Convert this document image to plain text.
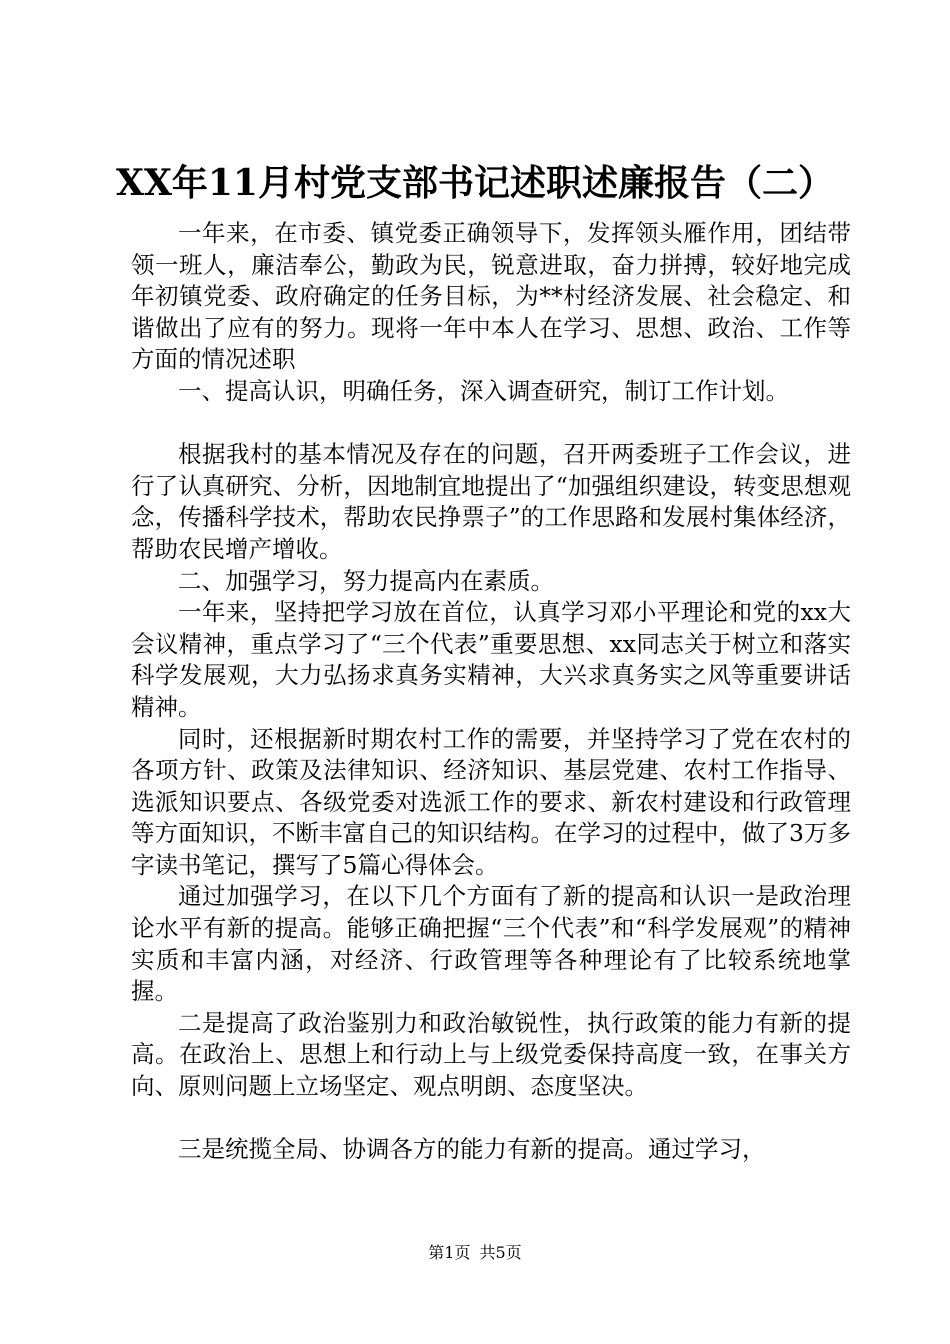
XX年11月村党支部书记述职述廉报告（二）

一年来，在市委、镇党委正确领导下，发挥领头雁作用，团结带领一班人，廉洁奉公，勤政为民，锐意进取，奋力拼搏，较好地完成年初镇党委、政府确定的任务目标，为**村经济发展、社会稳定、和谐做出了应有的努力。现将一年中本人在学习、思想、政治、工作等方面的情况述职

一、提高认识，明确任务，深入调查研究，制订工作计划。

根据我村的基本情况及存在的问题，召开两委班子工作会议，进行了认真研究、分析，因地制宜地提出了“加强组织建设，转变思想观念，传播科学技术，帮助农民挣票子”的工作思路和发展村集体经济，帮助农民增产增收。

二、加强学习，努力提高内在素质。

一年来，坚持把学习放在首位，认真学习邓小平理论和党的xx大会议精神，重点学习了“三个代表”重要思想、xx同志关于树立和落实科学发展观，大力弘扬求真务实精神，大兴求真务实之风等重要讲话精神。

同时，还根据新时期农村工作的需要，并坚持学习了党在农村的各项方针、政策及法律知识、经济知识、基层党建、农村工作指导、选派知识要点、各级党委对选派工作的要求、新农村建设和行政管理等方面知识，不断丰富自己的知识结构。在学习的过程中，做了3万多字读书笔记，撰写了5篇心得体会。

通过加强学习，在以下几个方面有了新的提高和认识一是政治理论水平有新的提高。能够正确把握“三个代表”和“科学发展观”的精神实质和丰富内涵，对经济、行政管理等各种理论有了比较系统地掌握。

二是提高了政治鉴别力和政治敏锐性，执行政策的能力有新的提高。在政治上、思想上和行动上与上级党委保持高度一致，在事关方向、原则问题上立场坚定、观点明朗、态度坚决。

三是统揽全局、协调各方的能力有新的提高。通过学习，

第1页 共5页
